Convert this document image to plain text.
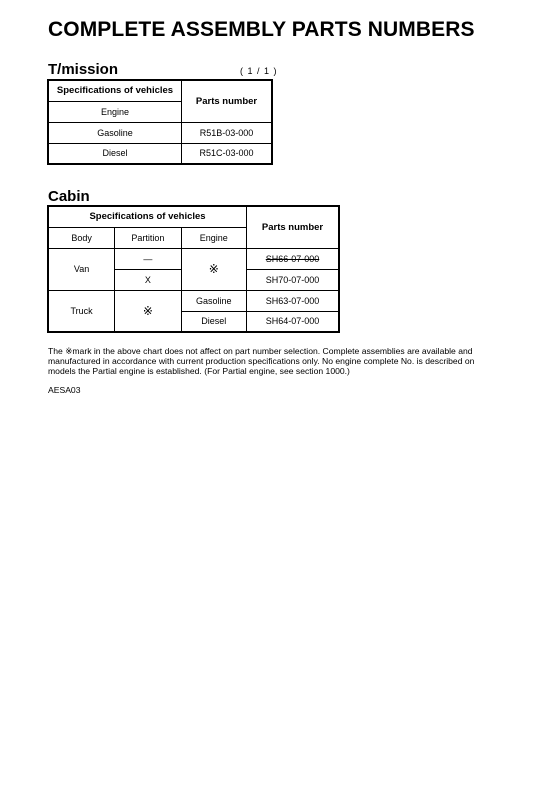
COMPLETE ASSEMBLY PARTS NUMBERS
T/mission	( 1 / 1 )
Specifications of vehicles	Parts number
Engine	
Gasoline	R51B-03-000
Diesel	R51C-03-000
Cabin
Specifications of vehicles			Parts number
Body	Partition	Engine	
Van	—	※	SH66-07-000
	X		SH70-07-000
Truck	※	Gasoline	SH63-07-000
		Diesel	SH64-07-000
The ※mark in the above chart does not affect on part number selection. Complete assemblies are available and manufactured in accordance with current production specifications only. No engine complete No. is described on models the Partial engine is established. (For Partial engine, see section 1000.)
AESA03
